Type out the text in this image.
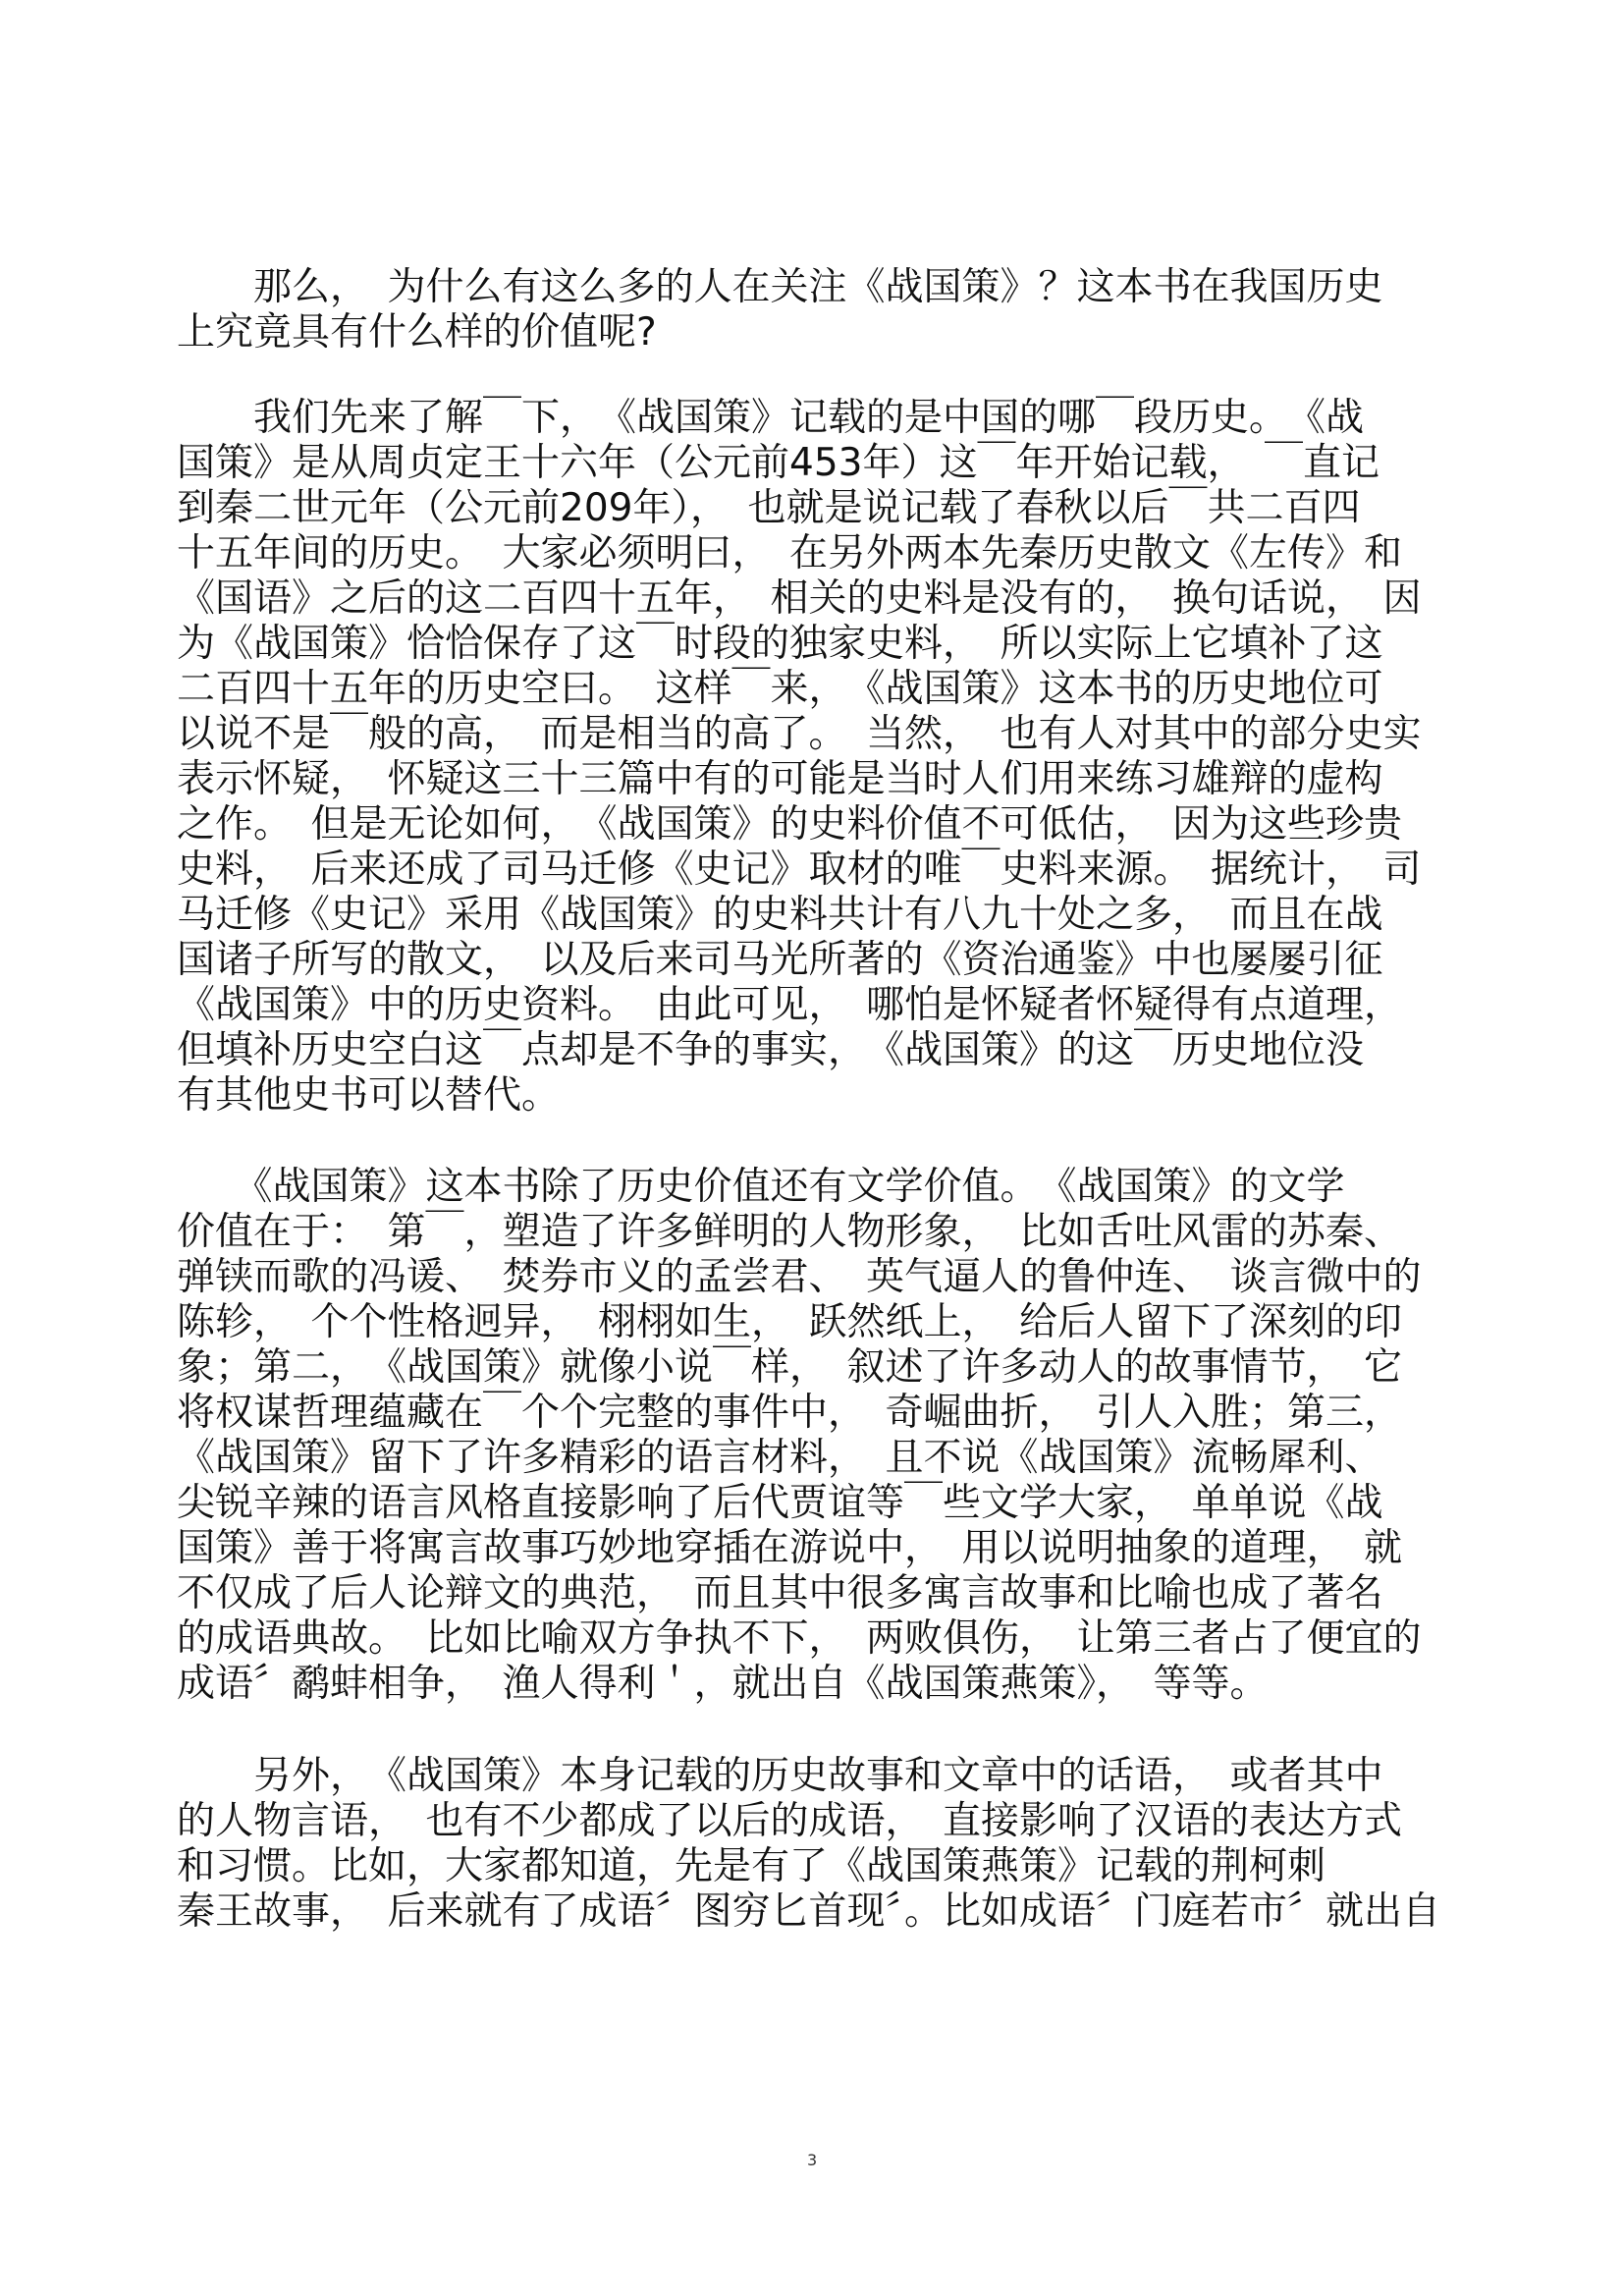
　　那么，　为什么有这么多的人在关注《战国策》？这本书在我国历史
上究竟具有什么样的价值呢?
　　我们先来了解￣下，　《战国策》记载的是中国的哪￣段历史。　《战
国策》是从周贞定王十六年（公元前453年）这￣年开始记载，　￣直记
到秦二世元年（公元前209年），　也就是说记载了春秋以后￣共二百四
十五年间的历史。　大家必须明曰，　在另外两本先秦历史散文《左传》和
《国语》之后的这二百四十五年，　相关的史料是没有的，　换句话说，　因
为《战国策》恰恰保存了这￣时段的独家史料，　所以实际上它填补了这
二百四十五年的历史空曰。　这样￣来，　《战国策》这本书的历史地位可
以说不是￣般的高，　而是相当的高了。　当然，　也有人对其中的部分史实
表示怀疑，　怀疑这三十三篇中有的可能是当时人们用来练习雄辩的虚构
之作。　但是无论如何，　《战国策》的史料价值不可低估，　因为这些珍贵
史料，　后来还成了司马迁修《史记》取材的唯￣史料来源。　据统计，　司
马迁修《史记》采用《战国策》的史料共计有八九十处之多，　而且在战
国诸子所写的散文，　以及后来司马光所著的《资治通鉴》中也屡屡引征
《战国策》中的历史资料。　由此可见，　哪怕是怀疑者怀疑得有点道理，
但填补历史空白这￣点却是不争的事实，　《战国策》的这￣历史地位没
有其他史书可以替代。
　　《战国策》这本书除了历史价值还有文学价值。　《战国策》的文学
价值在于：　第￣，塑造了许多鲜明的人物形象，　比如舌吐风雷的苏秦、
弹铗而歌的冯谖、　焚券市义的孟尝君、　英气逼人的鲁仲连、　谈言微中的
陈轸，　个个性格迥异，　栩栩如生，　跃然纸上，　给后人留下了深刻的印
象；第二，　《战国策》就像小说￣样，　叙述了许多动人的故事情节，　它
将权谋哲理蕴藏在￣个个完整的事件中，　奇崛曲折，　引人入胜；第三，
《战国策》留下了许多精彩的语言材料，　且不说《战国策》流畅犀利、
尖锐辛辣的语言风格直接影响了后代贾谊等￣些文学大家，　单单说《战
国策》善于将寓言故事巧妙地穿插在游说中，　用以说明抽象的道理，　就
不仅成了后人论辩文的典范，　而且其中很多寓言故事和比喻也成了著名
的成语典故。　比如比喻双方争执不下，　两败俱伤，　让第三者占了便宜的
成语〞鹬蚌相争，　渔人得利＇，就出自《战国策燕策》，　等等。
　　另外，　《战国策》本身记载的历史故事和文章中的话语，　或者其中
的人物言语，　也有不少都成了以后的成语，　直接影响了汉语的表达方式
和习惯。比如，大家都知道，先是有了《战国策燕策》记载的荆柯刺
秦王故事，　后来就有了成语〞图穷匕首现〞。比如成语〞门庭若市〞就出自
3
